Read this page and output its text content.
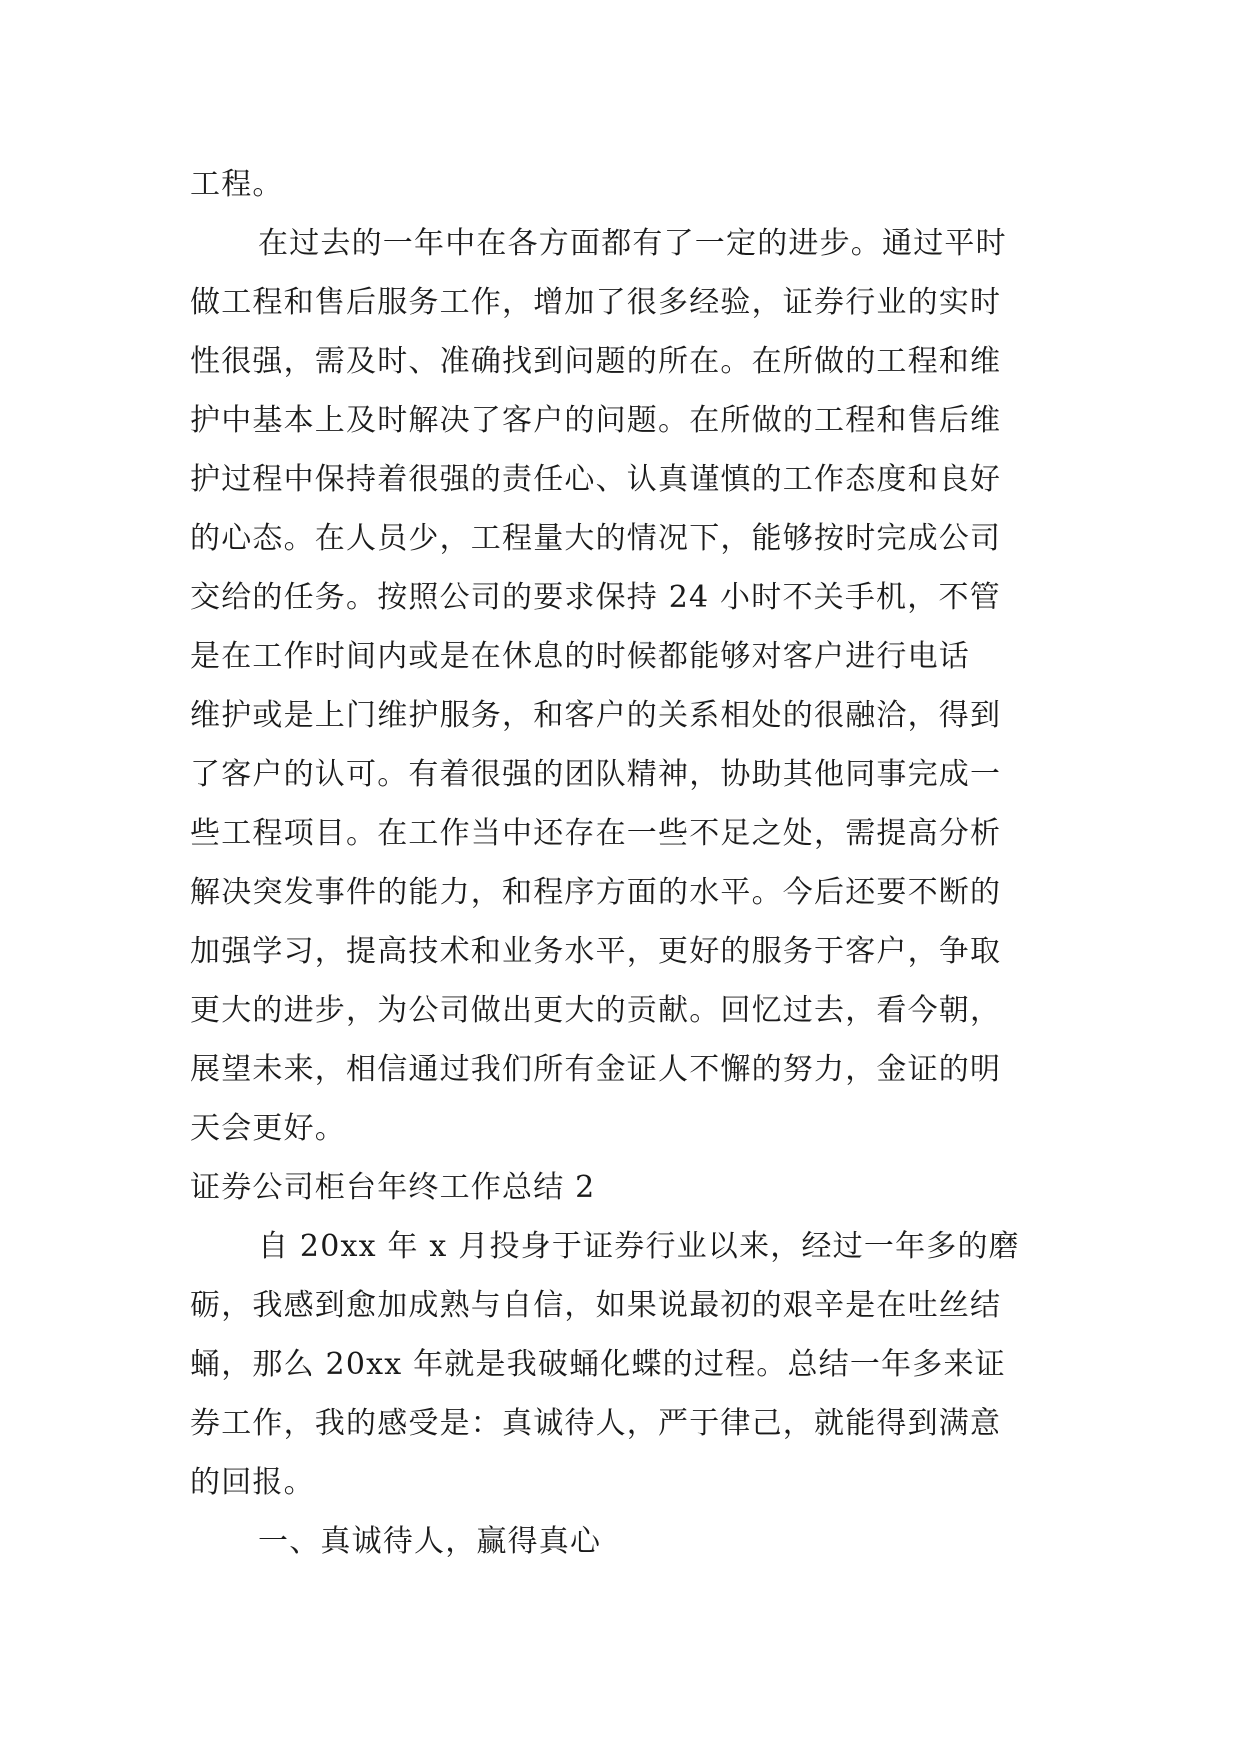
工程。
在过去的一年中在各方面都有了一定的进步。通过平时
做工程和售后服务工作，增加了很多经验，证券行业的实时
性很强，需及时、准确找到问题的所在。在所做的工程和维
护中基本上及时解决了客户的问题。在所做的工程和售后维
护过程中保持着很强的责任心、认真谨慎的工作态度和良好
的心态。在人员少，工程量大的情况下，能够按时完成公司
交给的任务。按照公司的要求保持 24 小时不关手机，不管
是在工作时间内或是在休息的时候都能够对客户进行电话
维护或是上门维护服务，和客户的关系相处的很融洽，得到
了客户的认可。有着很强的团队精神，协助其他同事完成一
些工程项目。在工作当中还存在一些不足之处，需提高分析
解决突发事件的能力，和程序方面的水平。今后还要不断的
加强学习，提高技术和业务水平，更好的服务于客户，争取
更大的进步，为公司做出更大的贡献。回忆过去，看今朝，
展望未来，相信通过我们所有金证人不懈的努力，金证的明
天会更好。
证券公司柜台年终工作总结 2
自 20xx 年 x 月投身于证券行业以来，经过一年多的磨
砺，我感到愈加成熟与自信，如果说最初的艰辛是在吐丝结
蛹，那么 20xx 年就是我破蛹化蝶的过程。总结一年多来证
券工作，我的感受是：真诚待人，严于律己，就能得到满意
的回报。
一、真诚待人，赢得真心
